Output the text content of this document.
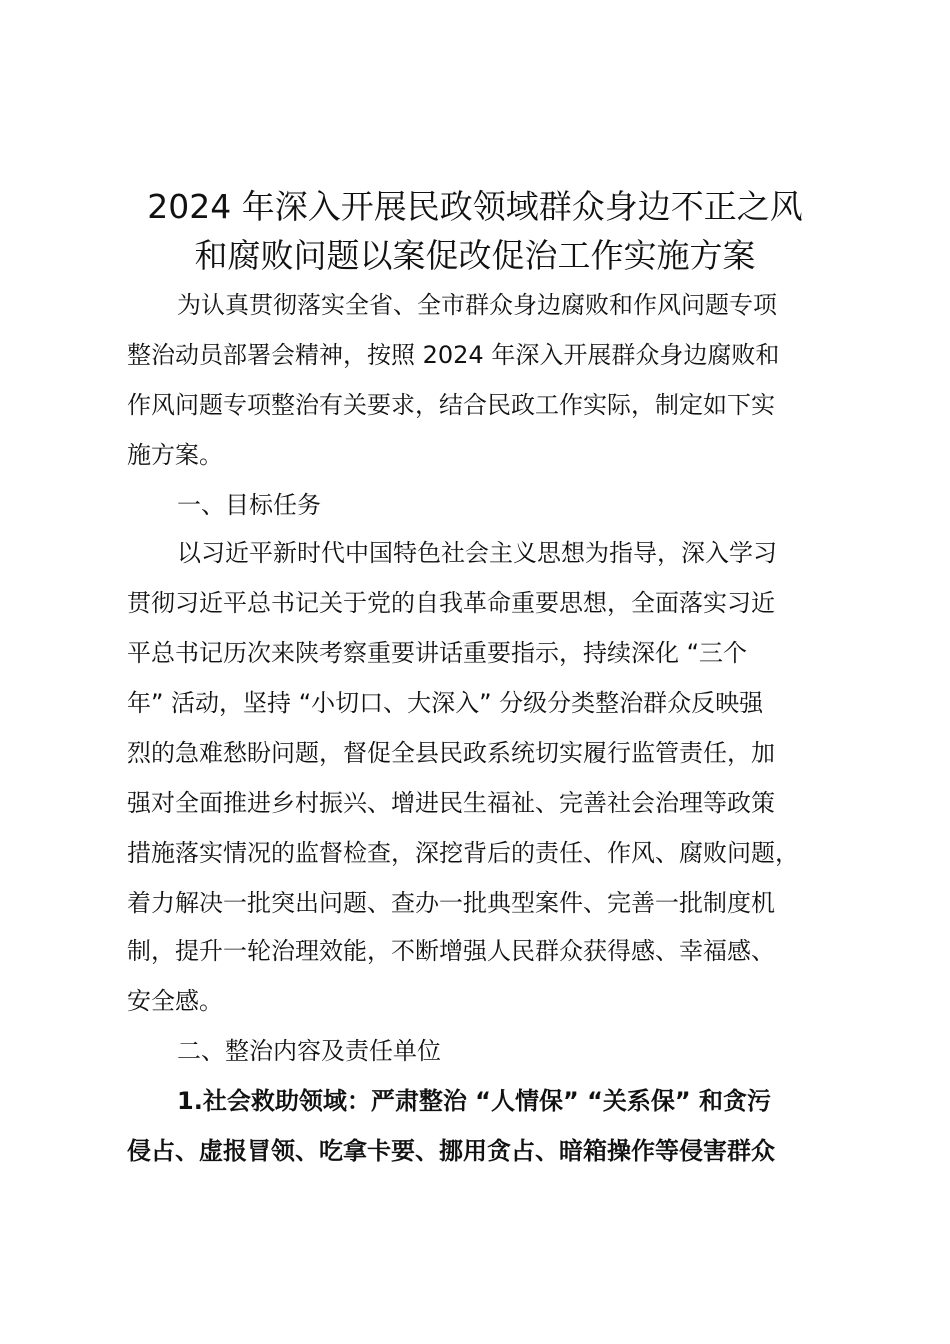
2024 年深入开展民政领域群众身边不正之风
和腐败问题以案促改促治工作实施方案

为认真贯彻落实全省、全市群众身边腐败和作风问题专项

整治动员部署会精神，按照 2024 年深入开展群众身边腐败和

作风问题专项整治有关要求，结合民政工作实际，制定如下实

施方案。

一、目标任务

以习近平新时代中国特色社会主义思想为指导，深入学习

贯彻习近平总书记关于党的自我革命重要思想，全面落实习近

平总书记历次来陕考察重要讲话重要指示，持续深化 “三个

年” 活动，坚持 “小切口、大深入” 分级分类整治群众反映强

烈的急难愁盼问题，督促全县民政系统切实履行监管责任，加

强对全面推进乡村振兴、增进民生福祉、完善社会治理等政策

措施落实情况的监督检查，深挖背后的责任、作风、腐败问题，

着力解决一批突出问题、查办一批典型案件、完善一批制度机

制，提升一轮治理效能，不断增强人民群众获得感、幸福感、

安全感。

二、整治内容及责任单位

1.社会救助领域：严肃整治 “人情保” “关系保” 和贪污

侵占、虚报冒领、吃拿卡要、挪用贪占、暗箱操作等侵害群众
